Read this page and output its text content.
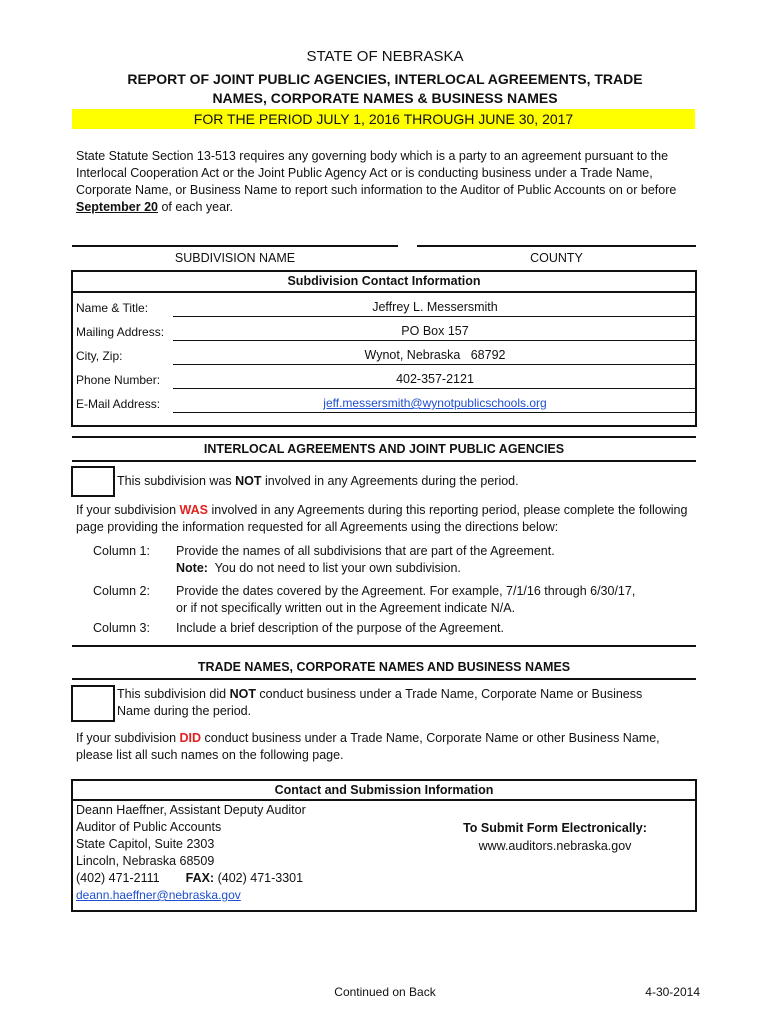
STATE OF NEBRASKA
REPORT OF JOINT PUBLIC AGENCIES, INTERLOCAL AGREEMENTS, TRADE
NAMES, CORPORATE NAMES & BUSINESS NAMES
FOR THE PERIOD JULY 1, 2016 THROUGH JUNE 30, 2017
State Statute Section 13-513 requires any governing body which is a party to an agreement pursuant to the Interlocal Cooperation Act or the Joint Public Agency Act or is conducting business under a Trade Name, Corporate Name, or Business Name to report such information to the Auditor of Public Accounts on or before September 20 of each year.
SUBDIVISION NAME	COUNTY
Subdivision Contact Information
Name & Title:	Jeffrey L. Messersmith
Mailing Address:	PO Box 157
City, Zip:	Wynot, Nebraska   68792
Phone Number:	402-357-2121
E-Mail Address:	jeff.messersmith@wynotpublicschools.org
INTERLOCAL AGREEMENTS AND JOINT PUBLIC AGENCIES
This subdivision was NOT involved in any Agreements during the period.
If your subdivision WAS involved in any Agreements during this reporting period, please complete the following page providing the information requested for all Agreements using the directions below:
Column 1: Provide the names of all subdivisions that are part of the Agreement.
Note:  You do not need to list your own subdivision.
Column 2: Provide the dates covered by the Agreement. For example, 7/1/16 through 6/30/17, or if not specifically written out in the Agreement indicate N/A.
Column 3: Include a brief description of the purpose of the Agreement.
TRADE NAMES, CORPORATE NAMES AND BUSINESS NAMES
This subdivision did NOT conduct business under a Trade Name, Corporate Name or Business Name during the period.
If your subdivision DID conduct business under a Trade Name, Corporate Name or other Business Name, please list all such names on the following page.
Contact and Submission Information
Deann Haeffner, Assistant Deputy Auditor
Auditor of Public Accounts
State Capitol, Suite 2303
Lincoln, Nebraska 68509
(402) 471-2111 FAX: (402) 471-3301
deann.haeffner@nebraska.gov
To Submit Form Electronically:
www.auditors.nebraska.gov
Continued on Back	4-30-2014
